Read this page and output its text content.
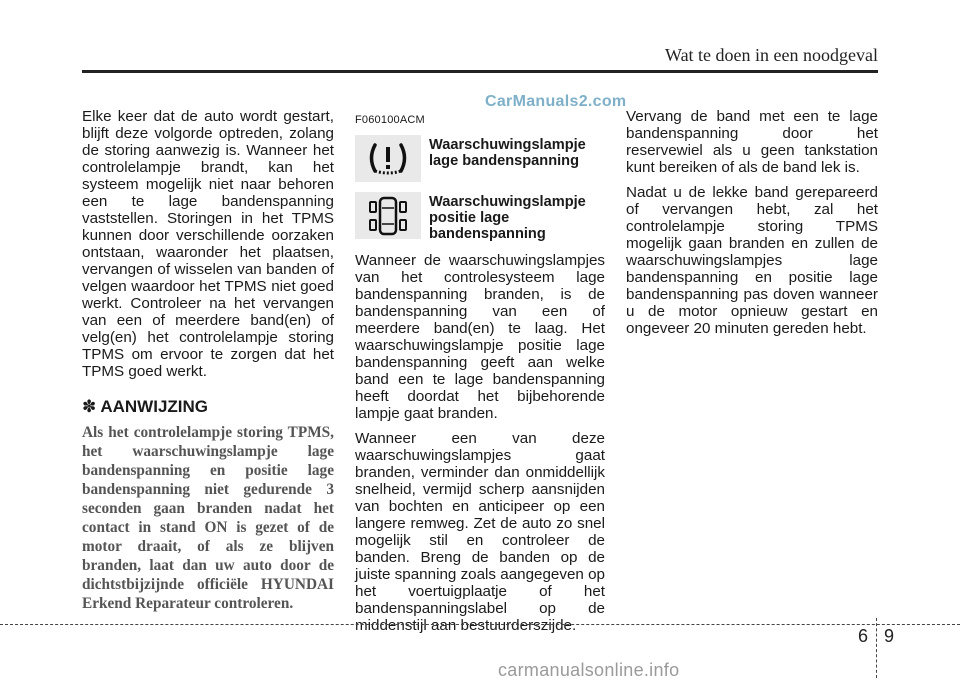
Wat te doen in een noodgeval
CarManuals2.com

Elke keer dat de auto wordt gestart, blijft deze volgorde optreden, zolang de storing aanwezig is. Wanneer het controlelampje brandt, kan het systeem mogelijk niet naar behoren een te lage bandenspanning vaststellen. Storingen in het TPMS kunnen door verschillende oorzaken ontstaan, waaronder het plaatsen, vervangen of wisselen van banden of velgen waardoor het TPMS niet goed werkt. Controleer na het vervangen van een of meerdere band(en) of velg(en) het controlelampje storing TPMS om ervoor te zorgen dat het TPMS goed werkt.

✽ AANWIJZING
Als het controlelampje storing TPMS, het waarschuwingslampje lage bandenspanning en positie lage bandenspanning niet gedurende 3 seconden gaan branden nadat het contact in stand ON is gezet of de motor draait, of als ze blijven branden, laat dan uw auto door de dichtstbijzijnde officiële HYUNDAI Erkend Reparateur controleren.
F060100ACM
Waarschuwingslampje lage bandenspanning
Waarschuwingslampje positie lage bandenspanning

Wanneer de waarschuwingslampjes van het controlesysteem lage bandenspanning branden, is de bandenspanning van een of meerdere band(en) te laag. Het waarschuwingslampje positie lage bandenspanning geeft aan welke band een te lage bandenspanning heeft doordat het bijbehorende lampje gaat branden.

Wanneer een van deze waarschuwingslampjes gaat branden, verminder dan onmiddellijk snelheid, vermijd scherp aansnijden van bochten en anticipeer op een langere remweg. Zet de auto zo snel mogelijk stil en controleer de banden. Breng de banden op de juiste spanning zoals aangegeven op het voertuigplaatje of het bandenspanningslabel op de middenstijl aan bestuurderszijde.

Vervang de band met een te lage bandenspanning door het reservewiel als u geen tankstation kunt bereiken of als de band lek is.

Nadat u de lekke band gerepareerd of vervangen hebt, zal het controlelampje storing TPMS mogelijk gaan branden en zullen de waarschuwingslampjes lage bandenspanning en positie lage bandenspanning pas doven wanneer u de motor opnieuw gestart en ongeveer 20 minuten gereden hebt.

6 9
carmanualsonline.info
